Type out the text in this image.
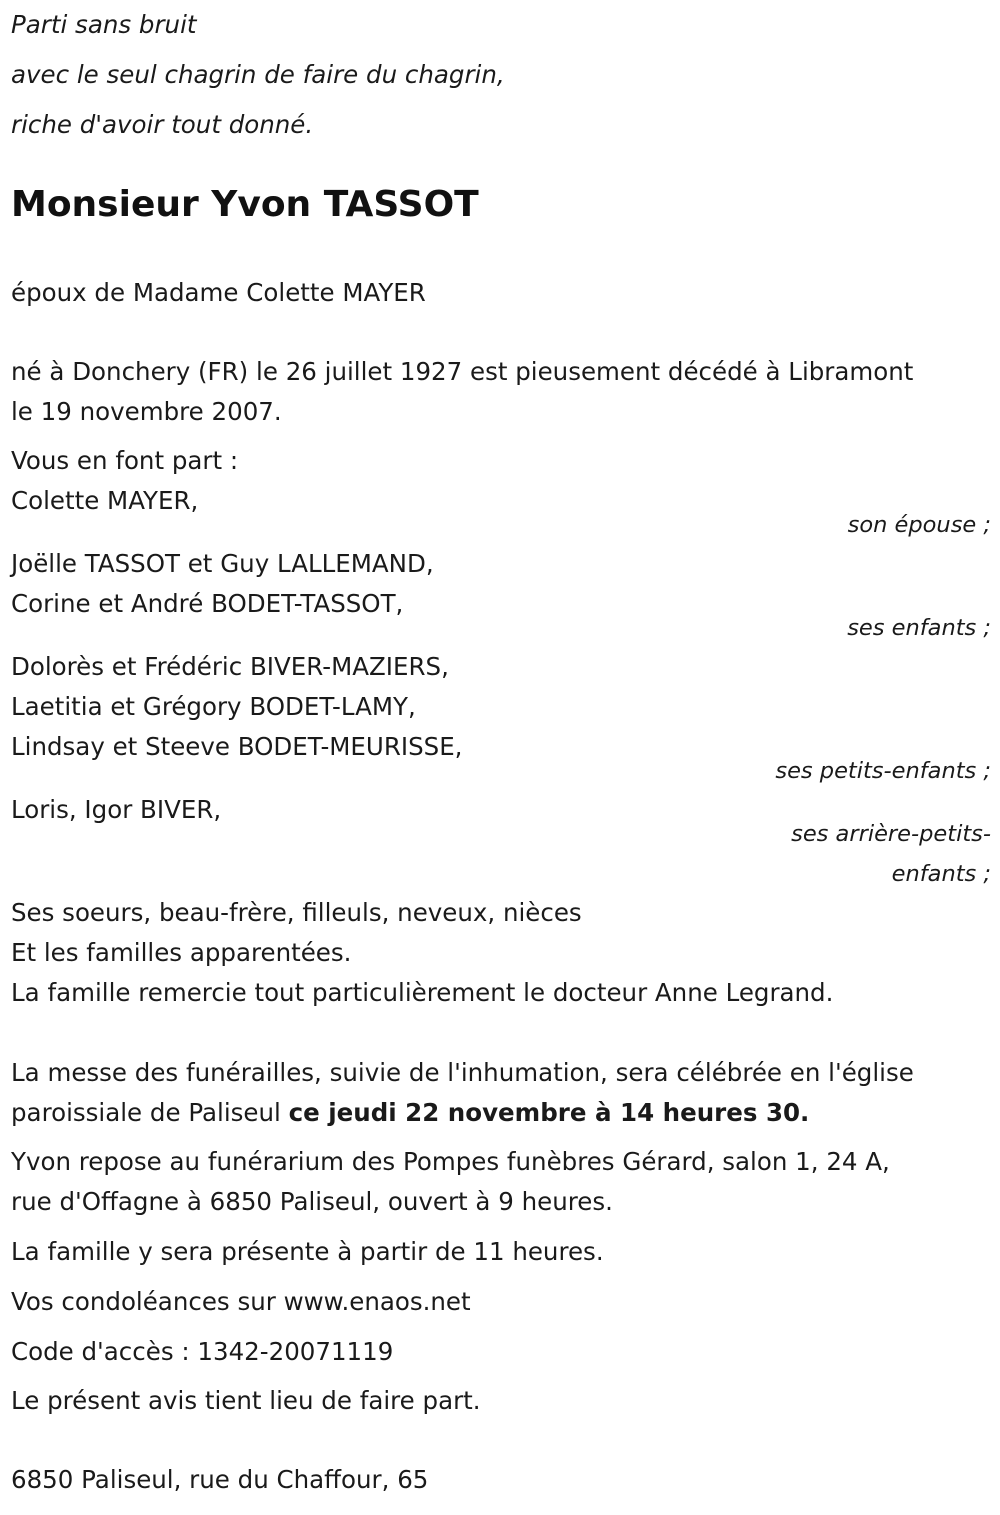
Parti sans bruit
avec le seul chagrin de faire du chagrin,
riche d'avoir tout donné.
Monsieur Yvon TASSOT
époux de Madame Colette MAYER
né à Donchery (FR) le 26 juillet 1927 est pieusement décédé à Libramont
le 19 novembre 2007.
Vous en font part :
Colette MAYER,
son épouse ;
Joëlle TASSOT et Guy LALLEMAND,
Corine et André BODET-TASSOT,
ses enfants ;
Dolorès et Frédéric BIVER-MAZIERS,
Laetitia et Grégory BODET-LAMY,
Lindsay et Steeve BODET-MEURISSE,
ses petits-enfants ;
Loris, Igor BIVER,
ses arrière-petits-
enfants ;
Ses soeurs, beau-frère, filleuls, neveux, nièces
Et les familles apparentées.
La famille remercie tout particulièrement le docteur Anne Legrand.
La messe des funérailles, suivie de l'inhumation, sera célébrée en l'église
paroissiale de Paliseul ce jeudi 22 novembre à 14 heures 30.
Yvon repose au funérarium des Pompes funèbres Gérard, salon 1, 24 A,
rue d'Offagne à 6850 Paliseul, ouvert à 9 heures.
La famille y sera présente à partir de 11 heures.
Vos condoléances sur www.enaos.net
Code d'accès : 1342-20071119
Le présent avis tient lieu de faire part.
6850 Paliseul, rue du Chaffour, 65
